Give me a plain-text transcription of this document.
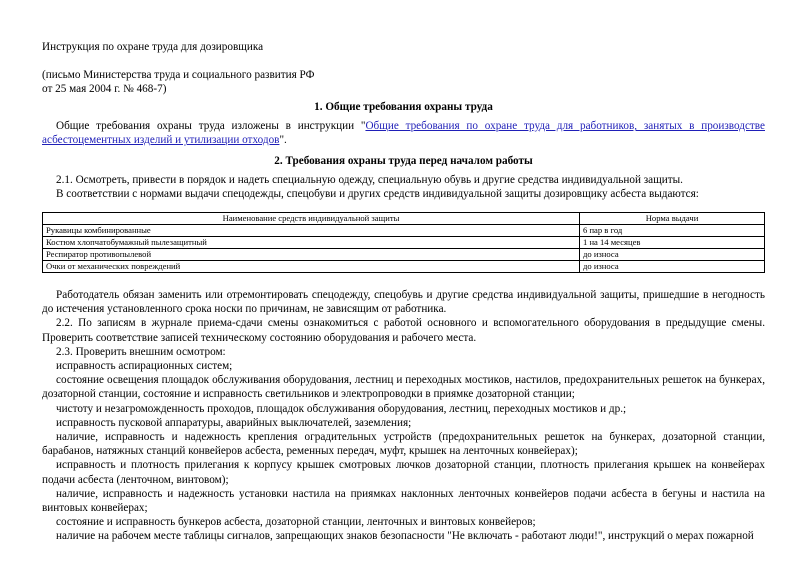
Инструкция по охране труда для дозировщика
(письмо Министерства труда и социального развития РФ
от 25 мая 2004 г. № 468-7)
1. Общие требования охраны труда

Общие требования охраны труда изложены в инструкции "Общие требования по охране труда для работников, занятых в производстве асбестоцементных изделий и утилизации отходов".

2. Требования охраны труда перед началом работы

2.1. Осмотреть, привести в порядок и надеть специальную одежду, специальную обувь и другие средства индивидуальной защиты.

В соответствии с нормами выдачи спецодежды, спецобуви и других средств индивидуальной защиты дозировщику асбеста выдаются:

Наименование средств индивидуальной защиты	Норма выдачи
Рукавицы комбинированные	6 пар в год
Костюм хлопчатобумажный пылезащитный	1 на 14 месяцев
Респиратор противопылевой	до износа
Очки от механических повреждений	до износа

Работодатель обязан заменить или отремонтировать спецодежду, спецобувь и другие средства индивидуальной защиты, пришедшие в негодность до истечения установленного срока носки по причинам, не зависящим от работника.

2.2. По записям в журнале приема-сдачи смены ознакомиться с работой основного и вспомогательного оборудования в предыдущие смены. Проверить соответствие записей техническому состоянию оборудования и рабочего места.

2.3. Проверить внешним осмотром:

исправность аспирационных систем;

состояние освещения площадок обслуживания оборудования, лестниц и переходных мостиков, настилов, предохранительных решеток на бункерах, дозаторной станции, состояние и исправность светильников и электропроводки в приямке дозаторной станции;

чистоту и незагроможденность проходов, площадок обслуживания оборудования, лестниц, переходных мостиков и др.;

исправность пусковой аппаратуры, аварийных выключателей, заземления;

наличие, исправность и надежность крепления оградительных устройств (предохранительных решеток на бункерах, дозаторной станции, барабанов, натяжных станций конвейеров асбеста, ременных передач, муфт, крышек на ленточных конвейерах);

исправность и плотность прилегания к корпусу крышек смотровых лючков дозаторной станции, плотность прилегания крышек на конвейерах подачи асбеста (ленточном, винтовом);

наличие, исправность и надежность установки настила на приямках наклонных ленточных конвейеров подачи асбеста в бегуны и настила на винтовых конвейерах;

состояние и исправность бункеров асбеста, дозаторной станции, ленточных и винтовых конвейеров;

наличие на рабочем месте таблицы сигналов, запрещающих знаков безопасности "Не включать - работают люди!", инструкций о мерах пожарной
